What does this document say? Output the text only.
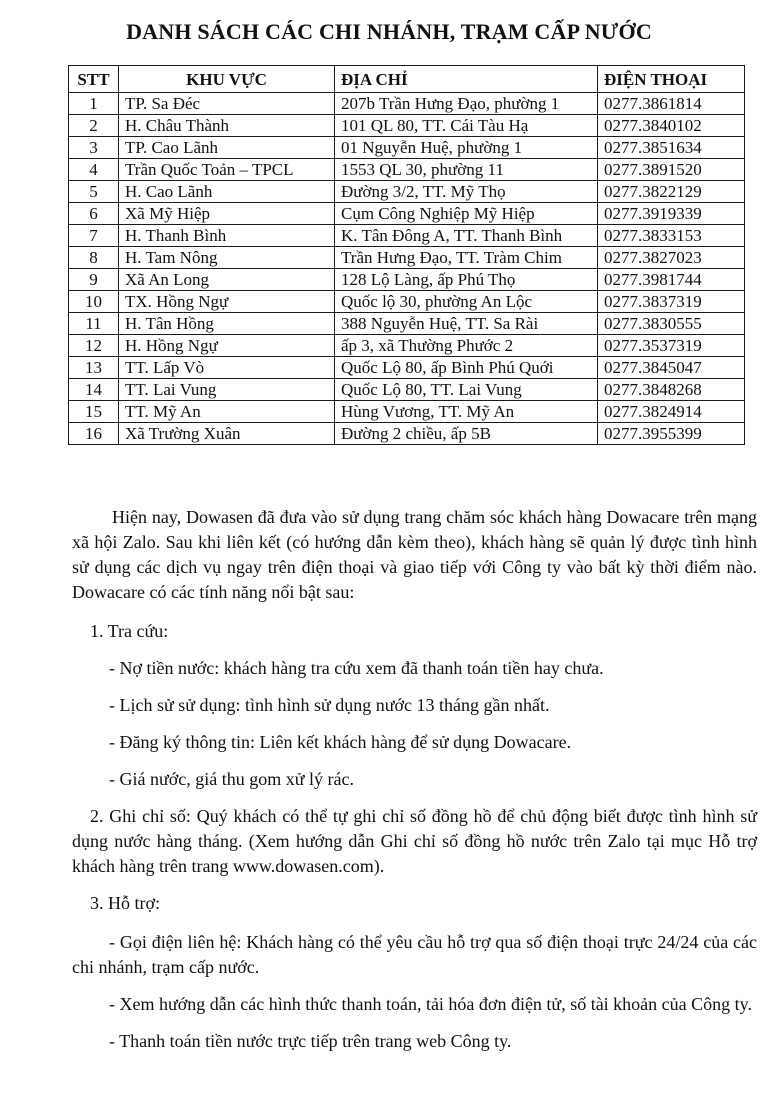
DANH SÁCH CÁC CHI NHÁNH, TRẠM CẤP NƯỚC
STT	KHU VỰC	ĐỊA CHỈ	ĐIỆN THOẠI
1	TP. Sa Đéc	207b Trần Hưng Đạo, phường 1	0277.3861814
2	H. Châu Thành	101 QL 80, TT. Cái Tàu Hạ	0277.3840102
3	TP. Cao Lãnh	01 Nguyễn Huệ, phường 1	0277.3851634
4	Trần Quốc Toản – TPCL	1553 QL 30, phường 11	0277.3891520
5	H. Cao Lãnh	Đường 3/2, TT. Mỹ Thọ	0277.3822129
6	Xã Mỹ Hiệp	Cụm Công Nghiệp Mỹ Hiệp	0277.3919339
7	H. Thanh Bình	K. Tân Đông A, TT. Thanh Bình	0277.3833153
8	H. Tam Nông	Trần Hưng Đạo, TT. Tràm Chim	0277.3827023
9	Xã An Long	128 Lộ Làng, ấp Phú Thọ	0277.3981744
10	TX. Hồng Ngự	Quốc lộ 30, phường An Lộc	0277.3837319
11	H. Tân Hồng	388 Nguyễn Huệ, TT. Sa Rài	0277.3830555
12	H. Hồng Ngự	ấp 3, xã Thường Phước 2	0277.3537319
13	TT. Lấp Vò	Quốc Lộ 80, ấp Bình Phú Quới	0277.3845047
14	TT. Lai Vung	Quốc Lộ 80, TT. Lai Vung	0277.3848268
15	TT. Mỹ An	Hùng Vương, TT. Mỹ An	0277.3824914
16	Xã Trường Xuân	Đường 2 chiều, ấp 5B	0277.3955399

Hiện nay, Dowasen đã đưa vào sử dụng trang chăm sóc khách hàng Dowacare trên mạng xã hội Zalo. Sau khi liên kết (có hướng dẫn kèm theo), khách hàng sẽ quản lý được tình hình sử dụng các dịch vụ ngay trên điện thoại và giao tiếp với Công ty vào bất kỳ thời điểm nào. Dowacare có các tính năng nổi bật sau:

1. Tra cứu:

- Nợ tiền nước: khách hàng tra cứu xem đã thanh toán tiền hay chưa.

- Lịch sử sử dụng: tình hình sử dụng nước 13 tháng gần nhất.

- Đăng ký thông tin: Liên kết khách hàng để sử dụng Dowacare.

- Giá nước, giá thu gom xử lý rác.

2. Ghi chỉ số: Quý khách có thể tự ghi chỉ số đồng hồ để chủ động biết được tình hình sử dụng nước hàng tháng. (Xem hướng dẫn Ghi chỉ số đồng hồ nước trên Zalo tại mục Hỗ trợ khách hàng trên trang www.dowasen.com).

3. Hỗ trợ:

- Gọi điện liên hệ: Khách hàng có thể yêu cầu hỗ trợ qua số điện thoại trực 24/24 của các chi nhánh, trạm cấp nước.

- Xem hướng dẫn các hình thức thanh toán, tải hóa đơn điện tử, số tài khoản của Công ty.

- Thanh toán tiền nước trực tiếp trên trang web Công ty.
